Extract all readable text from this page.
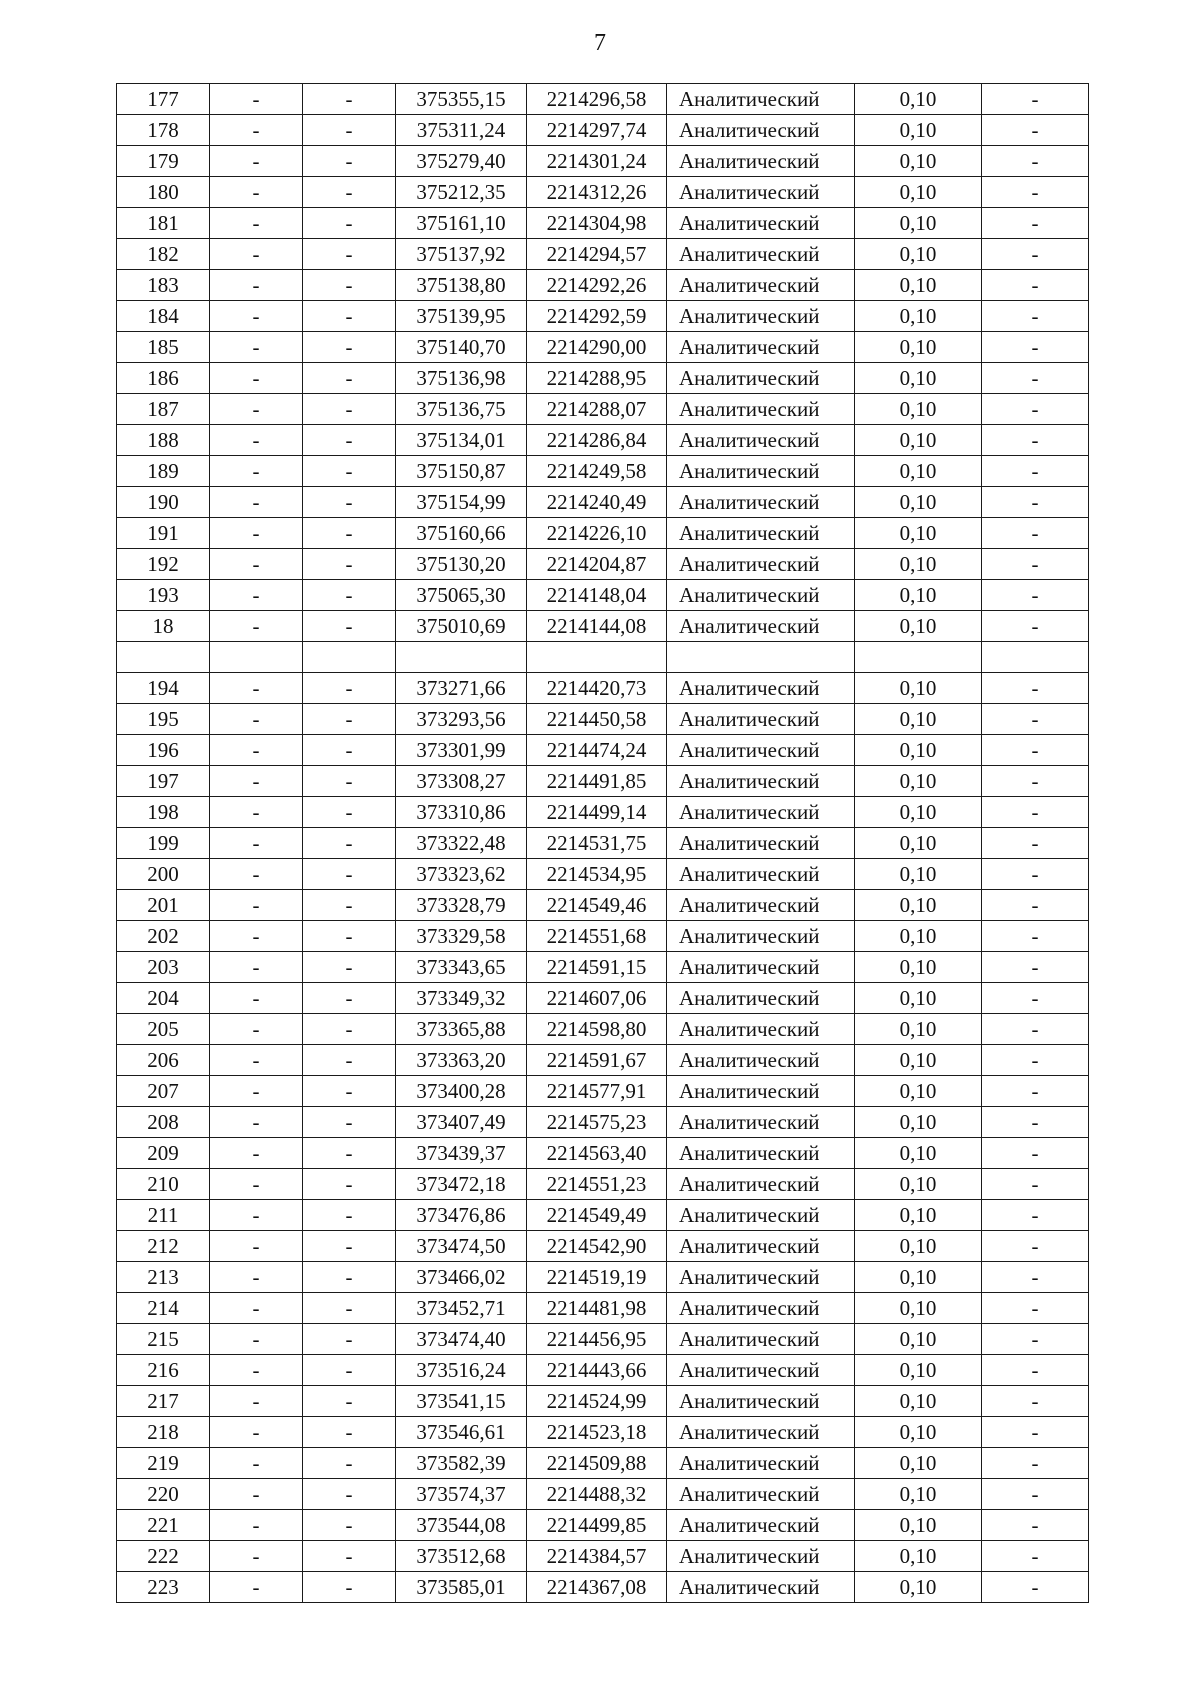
7
177	-	-	375355,15	2214296,58	Аналитический	0,10	-
178	-	-	375311,24	2214297,74	Аналитический	0,10	-
179	-	-	375279,40	2214301,24	Аналитический	0,10	-
180	-	-	375212,35	2214312,26	Аналитический	0,10	-
181	-	-	375161,10	2214304,98	Аналитический	0,10	-
182	-	-	375137,92	2214294,57	Аналитический	0,10	-
183	-	-	375138,80	2214292,26	Аналитический	0,10	-
184	-	-	375139,95	2214292,59	Аналитический	0,10	-
185	-	-	375140,70	2214290,00	Аналитический	0,10	-
186	-	-	375136,98	2214288,95	Аналитический	0,10	-
187	-	-	375136,75	2214288,07	Аналитический	0,10	-
188	-	-	375134,01	2214286,84	Аналитический	0,10	-
189	-	-	375150,87	2214249,58	Аналитический	0,10	-
190	-	-	375154,99	2214240,49	Аналитический	0,10	-
191	-	-	375160,66	2214226,10	Аналитический	0,10	-
192	-	-	375130,20	2214204,87	Аналитический	0,10	-
193	-	-	375065,30	2214148,04	Аналитический	0,10	-
18	-	-	375010,69	2214144,08	Аналитический	0,10	-

194	-	-	373271,66	2214420,73	Аналитический	0,10	-
195	-	-	373293,56	2214450,58	Аналитический	0,10	-
196	-	-	373301,99	2214474,24	Аналитический	0,10	-
197	-	-	373308,27	2214491,85	Аналитический	0,10	-
198	-	-	373310,86	2214499,14	Аналитический	0,10	-
199	-	-	373322,48	2214531,75	Аналитический	0,10	-
200	-	-	373323,62	2214534,95	Аналитический	0,10	-
201	-	-	373328,79	2214549,46	Аналитический	0,10	-
202	-	-	373329,58	2214551,68	Аналитический	0,10	-
203	-	-	373343,65	2214591,15	Аналитический	0,10	-
204	-	-	373349,32	2214607,06	Аналитический	0,10	-
205	-	-	373365,88	2214598,80	Аналитический	0,10	-
206	-	-	373363,20	2214591,67	Аналитический	0,10	-
207	-	-	373400,28	2214577,91	Аналитический	0,10	-
208	-	-	373407,49	2214575,23	Аналитический	0,10	-
209	-	-	373439,37	2214563,40	Аналитический	0,10	-
210	-	-	373472,18	2214551,23	Аналитический	0,10	-
211	-	-	373476,86	2214549,49	Аналитический	0,10	-
212	-	-	373474,50	2214542,90	Аналитический	0,10	-
213	-	-	373466,02	2214519,19	Аналитический	0,10	-
214	-	-	373452,71	2214481,98	Аналитический	0,10	-
215	-	-	373474,40	2214456,95	Аналитический	0,10	-
216	-	-	373516,24	2214443,66	Аналитический	0,10	-
217	-	-	373541,15	2214524,99	Аналитический	0,10	-
218	-	-	373546,61	2214523,18	Аналитический	0,10	-
219	-	-	373582,39	2214509,88	Аналитический	0,10	-
220	-	-	373574,37	2214488,32	Аналитический	0,10	-
221	-	-	373544,08	2214499,85	Аналитический	0,10	-
222	-	-	373512,68	2214384,57	Аналитический	0,10	-
223	-	-	373585,01	2214367,08	Аналитический	0,10	-
